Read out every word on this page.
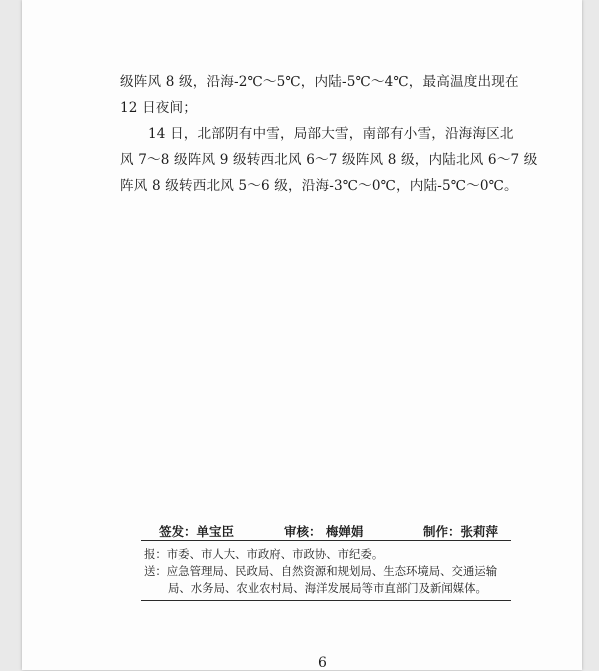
级阵风 8 级，沿海-2℃～5℃，内陆-5℃～4℃，最高温度出现在
12 日夜间；
14 日，北部阴有中雪，局部大雪，南部有小雪，沿海海区北
风 7～8 级阵风 9 级转西北风 6～7 级阵风 8 级，内陆北风 6～7 级
阵风 8 级转西北风 5～6 级，沿海-3℃～0℃，内陆-5℃～0℃。
签发：单宝臣	审核： 梅婵娟	制作：张莉萍
报：市委、市人大、市政府、市政协、市纪委。
送：应急管理局、民政局、自然资源和规划局、生态环境局、交通运输
局、水务局、农业农村局、海洋发展局等市直部门及新闻媒体。
6
